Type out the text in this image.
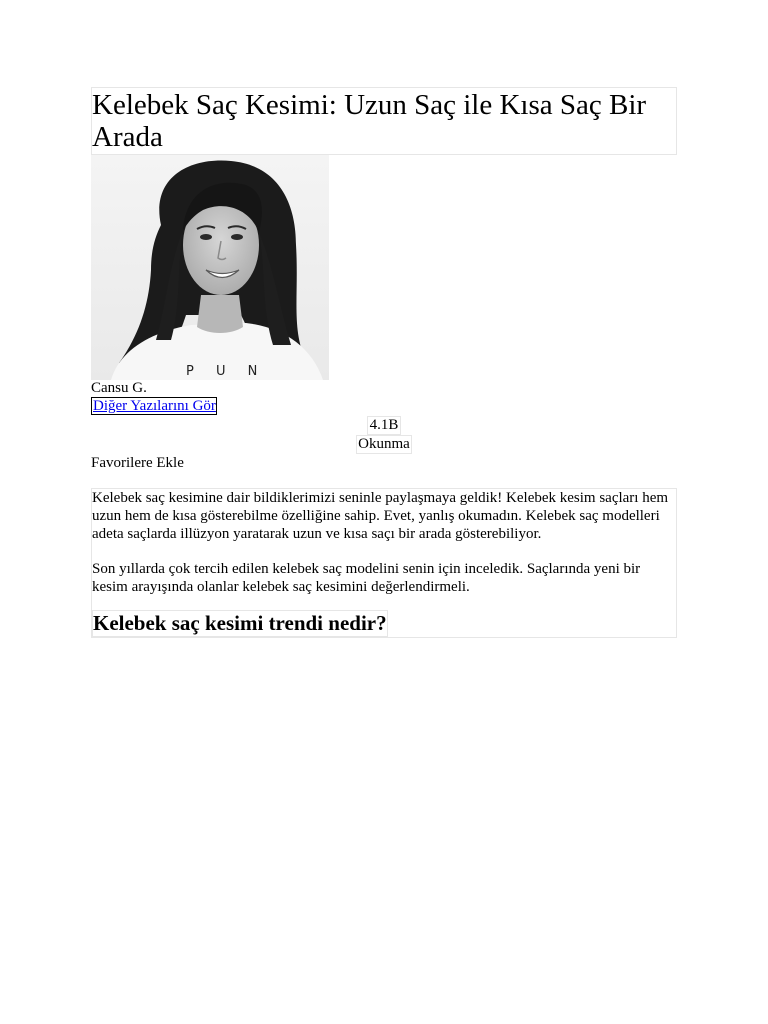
Kelebek Saç Kesimi: Uzun Saç ile Kısa Saç Bir Arada
P U N
Cansu G.
Diğer Yazılarını Gör
4.1B
Okunma
Favorilere Ekle

Kelebek saç kesimine dair bildiklerimizi seninle paylaşmaya geldik! Kelebek kesim saçları hem uzun hem de kısa gösterebilme özelliğine sahip. Evet, yanlış okumadın. Kelebek saç modelleri adeta saçlarda illüzyon yaratarak uzun ve kısa saçı bir arada gösterebiliyor.

Son yıllarda çok tercih edilen kelebek saç modelini senin için inceledik. Saçlarında yeni bir kesim arayışında olanlar kelebek saç kesimini değerlendirmeli.

Kelebek saç kesimi trendi nedir?
